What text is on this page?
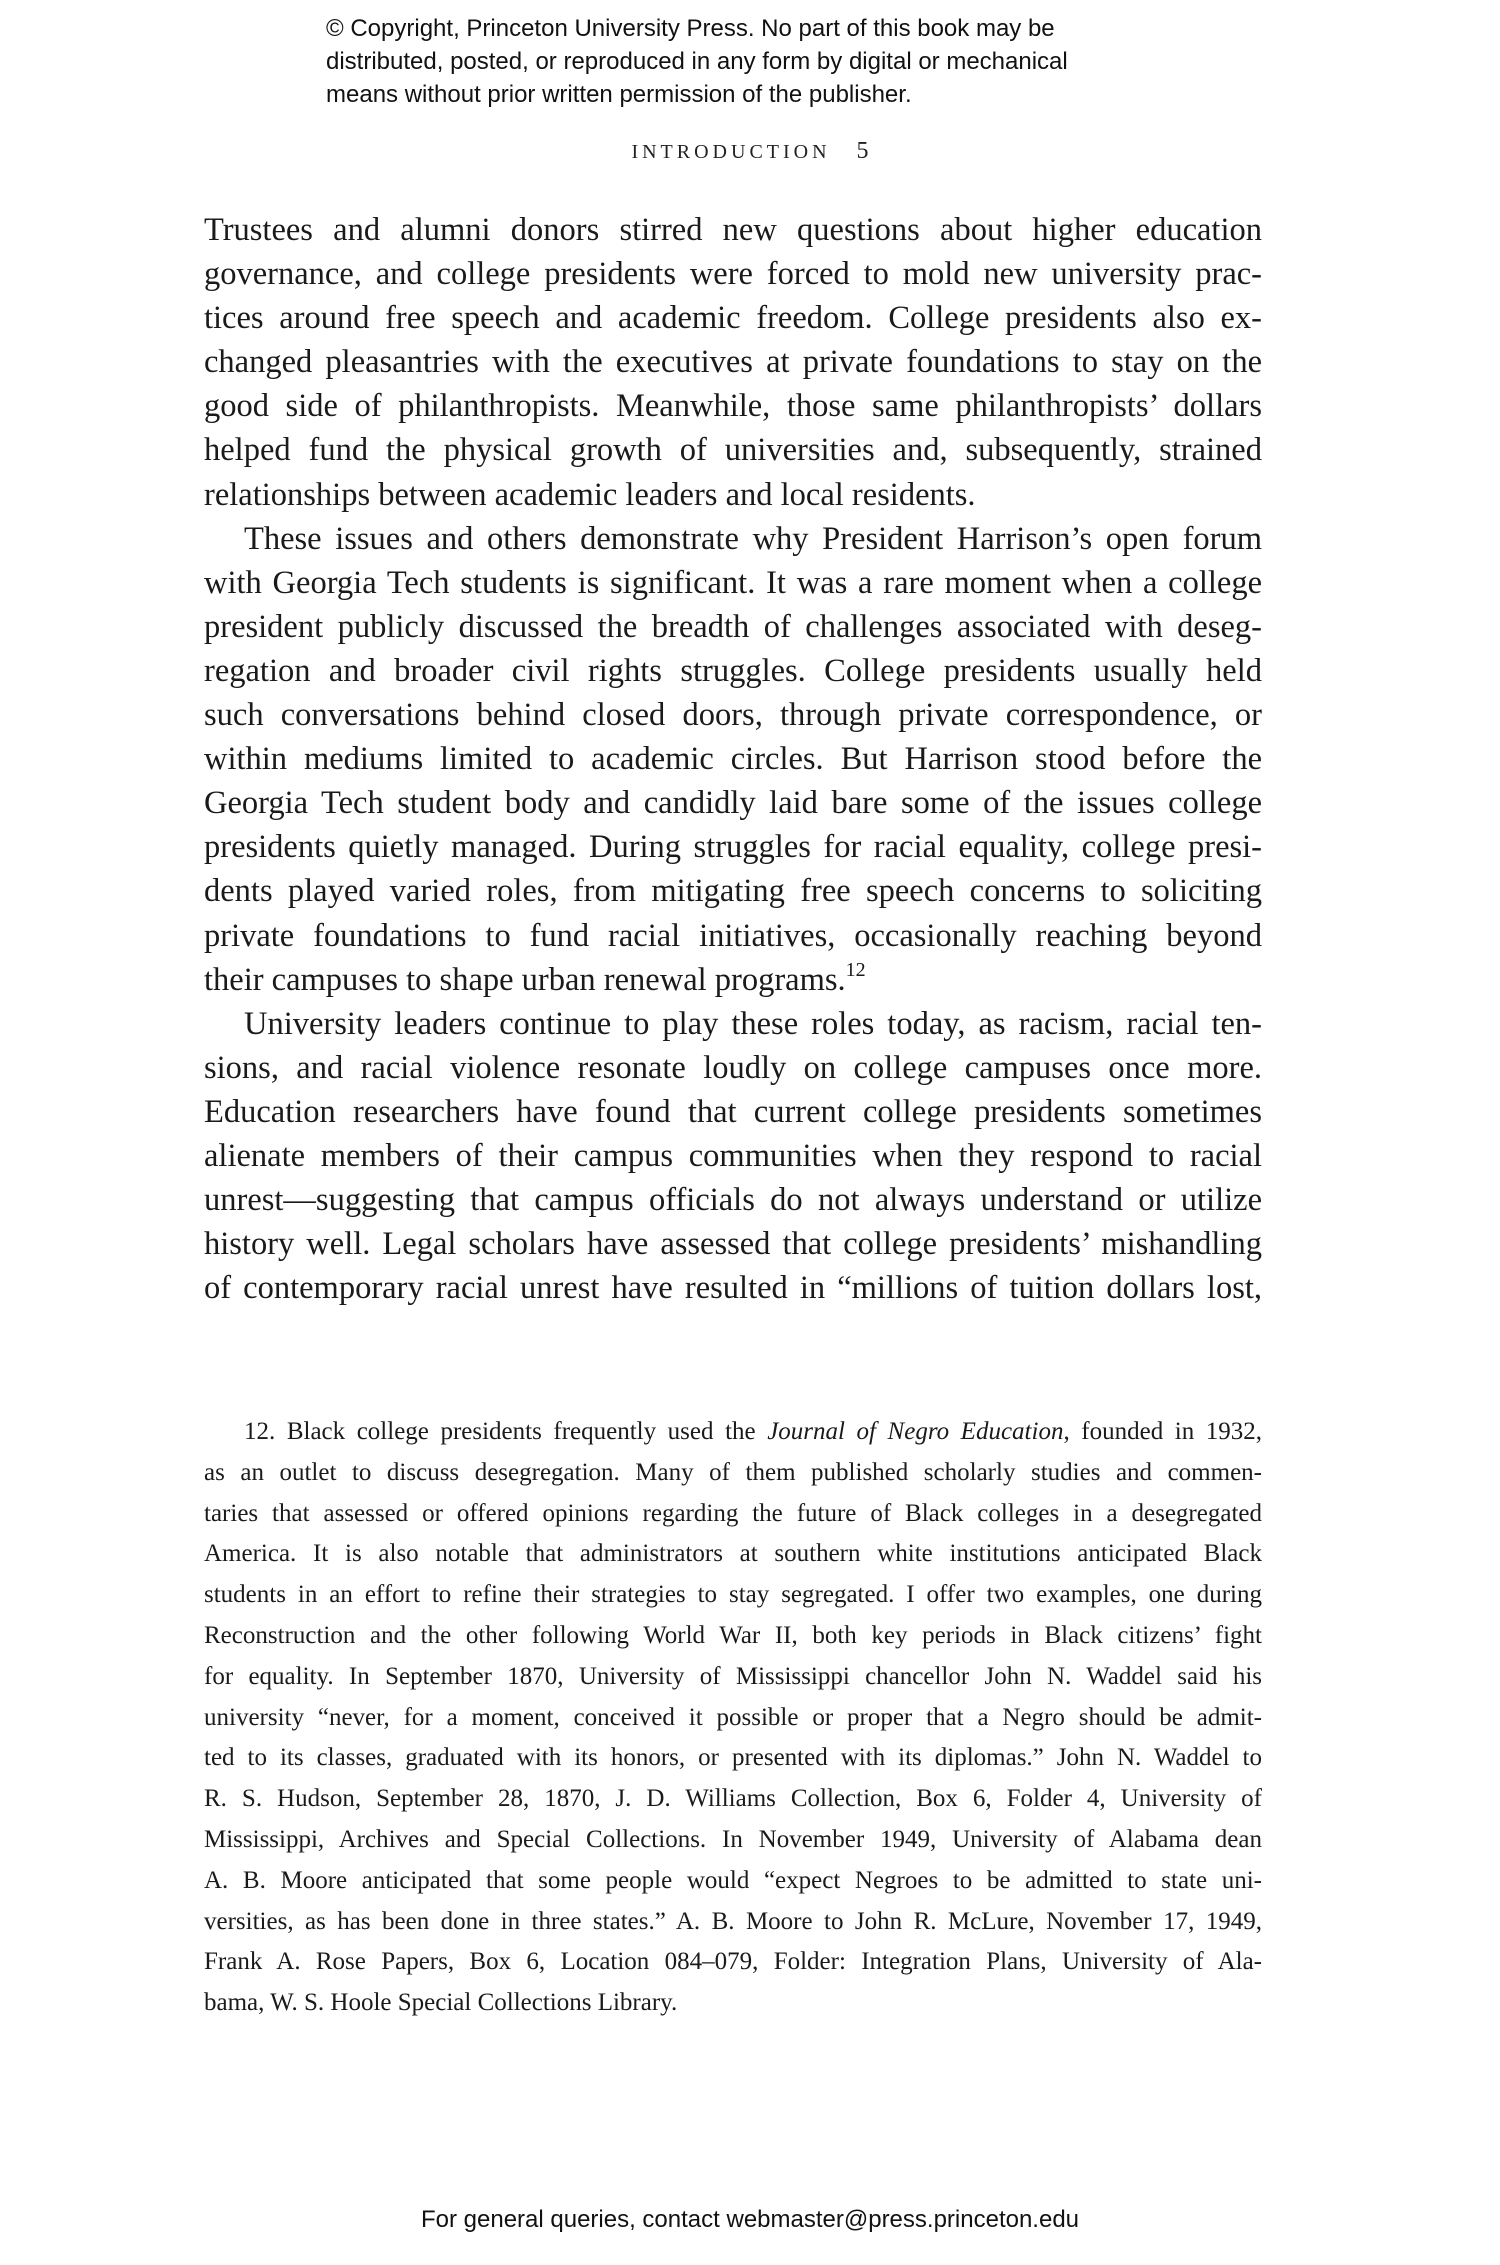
© Copyright, Princeton University Press. No part of this book may be
distributed, posted, or reproduced in any form by digital or mechanical
means without prior written permission of the publisher.
INTRODUCTION 5

Trustees and alumni donors stirred new questions about higher education
governance, and college presidents were forced to mold new university prac-
tices around free speech and academic freedom. College presidents also ex-
changed pleasantries with the executives at private foundations to stay on the
good side of philanthropists. Meanwhile, those same philanthropists’ dollars
helped fund the physical growth of universities and, subsequently, strained
relationships between academic leaders and local residents.

These issues and others demonstrate why President Harrison’s open forum
with Georgia Tech students is significant. It was a rare moment when a college
president publicly discussed the breadth of challenges associated with deseg-
regation and broader civil rights struggles. College presidents usually held
such conversations behind closed doors, through private correspondence, or
within mediums limited to academic circles. But Harrison stood before the
Georgia Tech student body and candidly laid bare some of the issues college
presidents quietly managed. During struggles for racial equality, college presi-
dents played varied roles, from mitigating free speech concerns to soliciting
private foundations to fund racial initiatives, occasionally reaching beyond
their campuses to shape urban renewal programs.$^{12}$

University leaders continue to play these roles today, as racism, racial ten-
sions, and racial violence resonate loudly on college campuses once more.
Education researchers have found that current college presidents sometimes
alienate members of their campus communities when they respond to racial
unrest—suggesting that campus officials do not always understand or utilize
history well. Legal scholars have assessed that college presidents’ mishandling
of contemporary racial unrest have resulted in “millions of tuition dollars lost,

12. Black college presidents frequently used the Journal of Negro Education, founded in 1932,
as an outlet to discuss desegregation. Many of them published scholarly studies and commen-
taries that assessed or offered opinions regarding the future of Black colleges in a desegregated
America. It is also notable that administrators at southern white institutions anticipated Black
students in an effort to refine their strategies to stay segregated. I offer two examples, one during
Reconstruction and the other following World War II, both key periods in Black citizens’ fight
for equality. In September 1870, University of Mississippi chancellor John N. Waddel said his
university “never, for a moment, conceived it possible or proper that a Negro should be admit-
ted to its classes, graduated with its honors, or presented with its diplomas.” John N. Waddel to
R. S. Hudson, September 28, 1870, J. D. Williams Collection, Box 6, Folder 4, University of
Mississippi, Archives and Special Collections. In November 1949, University of Alabama dean
A. B. Moore anticipated that some people would “expect Negroes to be admitted to state uni-
versities, as has been done in three states.” A. B. Moore to John R. McLure, November 17, 1949,
Frank A. Rose Papers, Box 6, Location 084–079, Folder: Integration Plans, University of Ala-
bama, W. S. Hoole Special Collections Library.
For general queries, contact webmaster@press.princeton.edu
